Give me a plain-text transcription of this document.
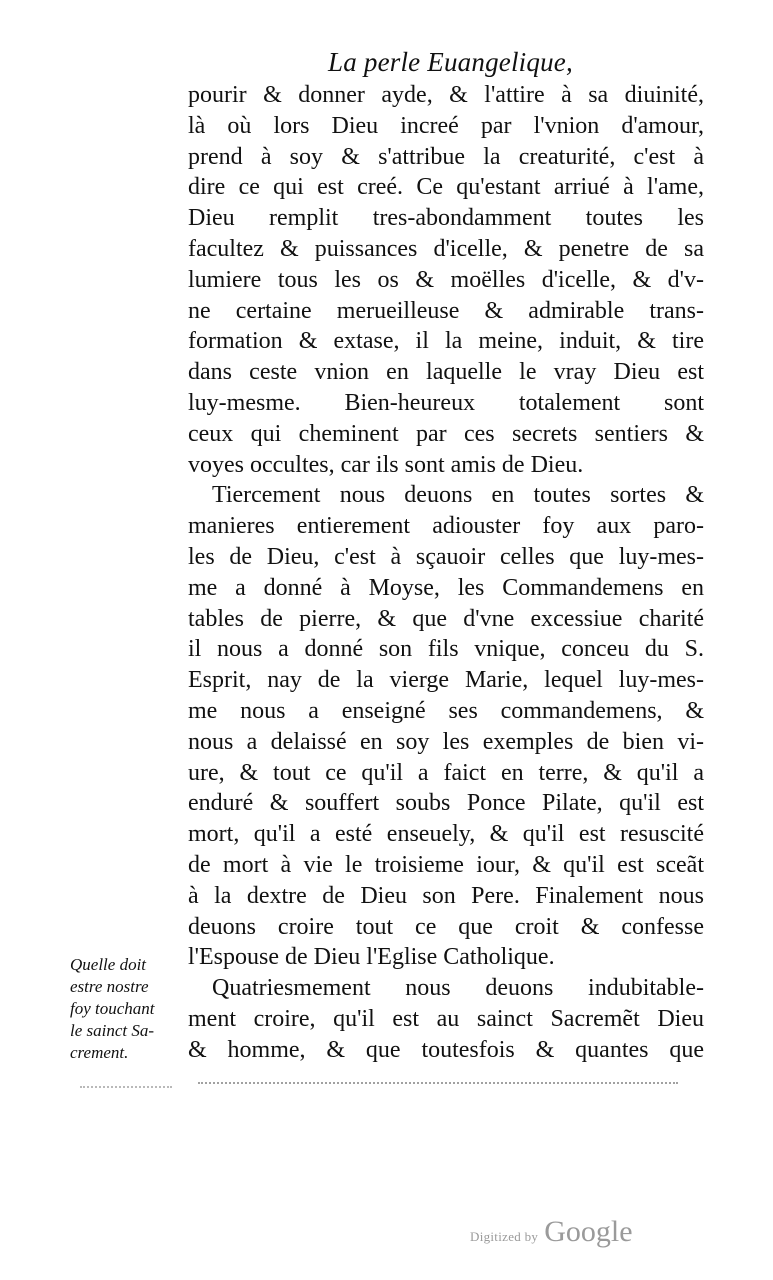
La perle Euangelique,
pourir & donner ayde, & l'attire à sa diuinité,
là où lors Dieu increé par l'vnion d'amour,
prend à soy & s'attribue la creaturité, c'est à
dire ce qui est creé. Ce qu'estant arriué à l'ame,
Dieu remplit tres-abondamment toutes les
facultez & puissances d'icelle, & penetre de sa
lumiere tous les os & moëlles d'icelle, & d'v-
ne certaine merueilleuse & admirable trans-
formation & extase, il la meine, induit, & tire
dans ceste vnion en laquelle le vray Dieu est
luy-mesme. Bien-heureux totalement sont
ceux qui cheminent par ces secrets sentiers &
voyes occultes, car ils sont amis de Dieu.
Tiercement nous deuons en toutes sortes &
manieres entierement adiouster foy aux paro-
les de Dieu, c'est à sçauoir celles que luy-mes-
me a donné à Moyse, les Commandemens en
tables de pierre, & que d'vne excessiue charité
il nous a donné son fils vnique, conceu du S.
Esprit, nay de la vierge Marie, lequel luy-mes-
me nous a enseigné ses commandemens, &
nous a delaissé en soy les exemples de bien vi-
ure, & tout ce qu'il a faict en terre, & qu'il a
enduré & souffert soubs Ponce Pilate, qu'il est
mort, qu'il a esté enseuely, & qu'il est resuscité
de mort à vie le troisieme iour, & qu'il est sceãt
à la dextre de Dieu son Pere. Finalement nous
deuons croire tout ce que croit & confesse
l'Espouse de Dieu l'Eglise Catholique.
Quatriesmement nous deuons indubitable-
ment croire, qu'il est au sainct Sacremẽt Dieu
& homme, & que toutesfois & quantes que
Quelle doit
estre nostre
foy touchant
le sainct Sa-
crement.
Digitized by Google
